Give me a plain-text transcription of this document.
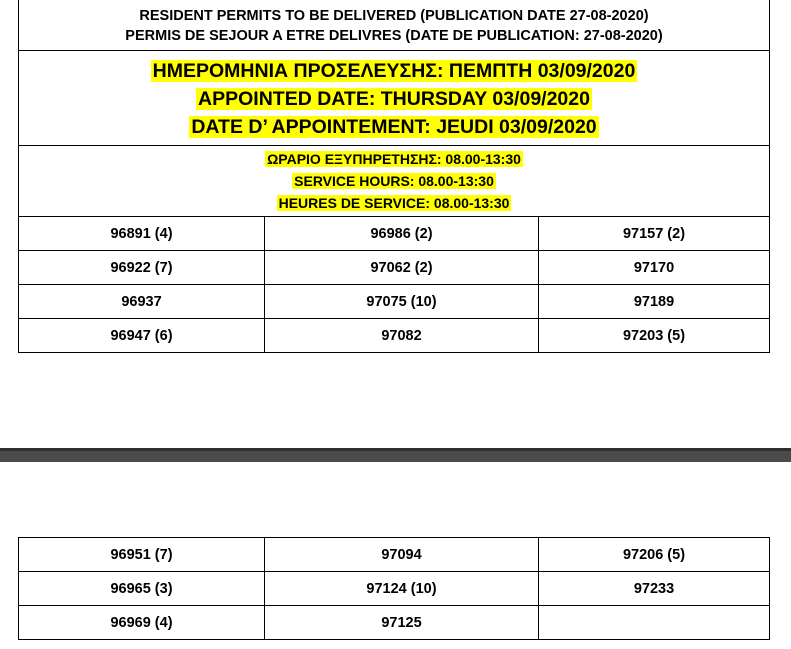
RESIDENT PERMITS TO BE DELIVERED (PUBLICATION DATE 27-08-2020)
PERMIS DE SEJOUR A ETRE DELIVRES (DATE DE PUBLICATION: 27-08-2020)		

ΗΜΕΡΟΜΗΝΙΑ ΠΡΟΣΕΛΕΥΣΗΣ: ΠΕΜΠΤΗ 03/09/2020
APPOINTED DATE: THURSDAY 03/09/2020
DATE D’ APPOINTEMENT: JEUDI 03/09/2020		

ΩΡΑΡΙΟ ΕΞΥΠΗΡΕΤΗΣΗΣ: 08.00-13:30
SERVICE HOURS: 08.00-13:30
HEURES DE SERVICE: 08.00-13:30		

96891 (4)	96986 (2)	97157 (2)
96922 (7)	97062 (2)	97170
96937	97075 (10)	97189
96947 (6)	97082	97203 (5)
96951 (7)	97094	97206 (5)
96965 (3)	97124 (10)	97233
96969 (4)	97125	
